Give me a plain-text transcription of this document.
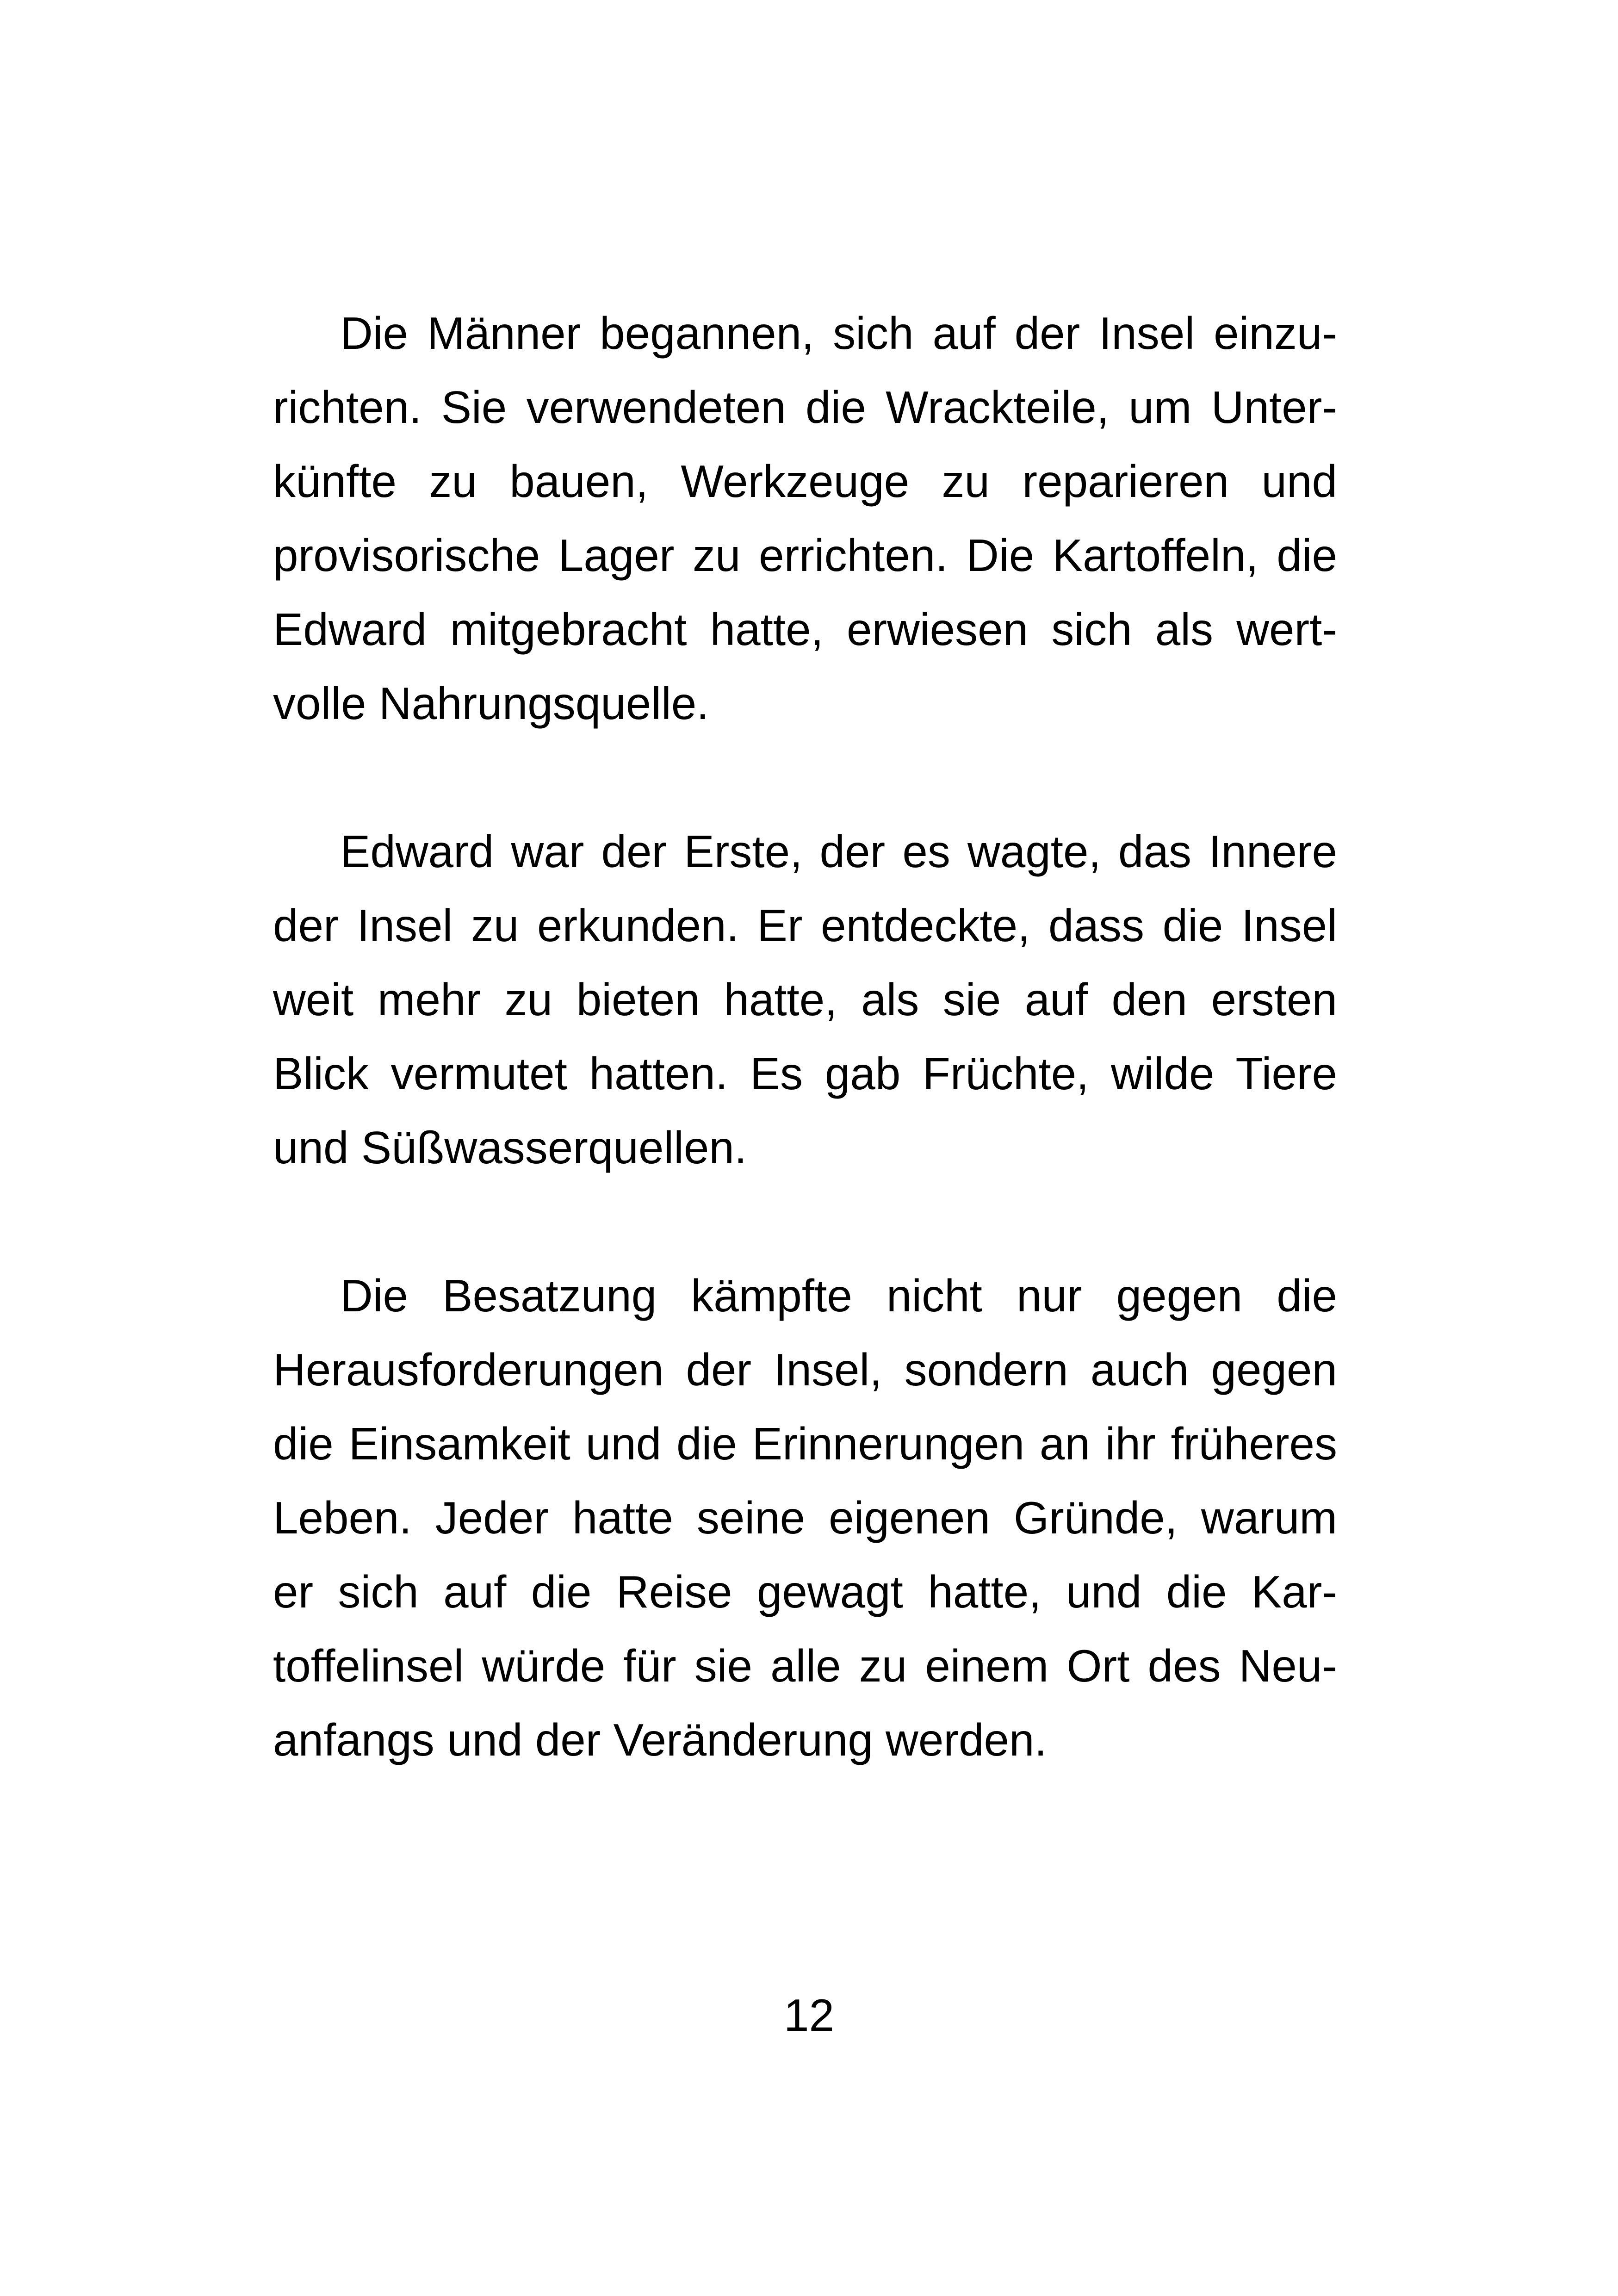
Die Männer begannen, sich auf der Insel einzu-
richten. Sie verwendeten die Wrackteile, um Unter-
künfte zu bauen, Werkzeuge zu reparieren und
provisorische Lager zu errichten. Die Kartoffeln, die
Edward mitgebracht hatte, erwiesen sich als wert-
volle Nahrungsquelle.
Edward war der Erste, der es wagte, das Innere
der Insel zu erkunden. Er entdeckte, dass die Insel
weit mehr zu bieten hatte, als sie auf den ersten
Blick vermutet hatten. Es gab Früchte, wilde Tiere
und Süßwasserquellen.
Die Besatzung kämpfte nicht nur gegen die
Herausforderungen der Insel, sondern auch gegen
die Einsamkeit und die Erinnerungen an ihr früheres
Leben. Jeder hatte seine eigenen Gründe, warum
er sich auf die Reise gewagt hatte, und die Kar-
toffelinsel würde für sie alle zu einem Ort des Neu-
anfangs und der Veränderung werden.
12
